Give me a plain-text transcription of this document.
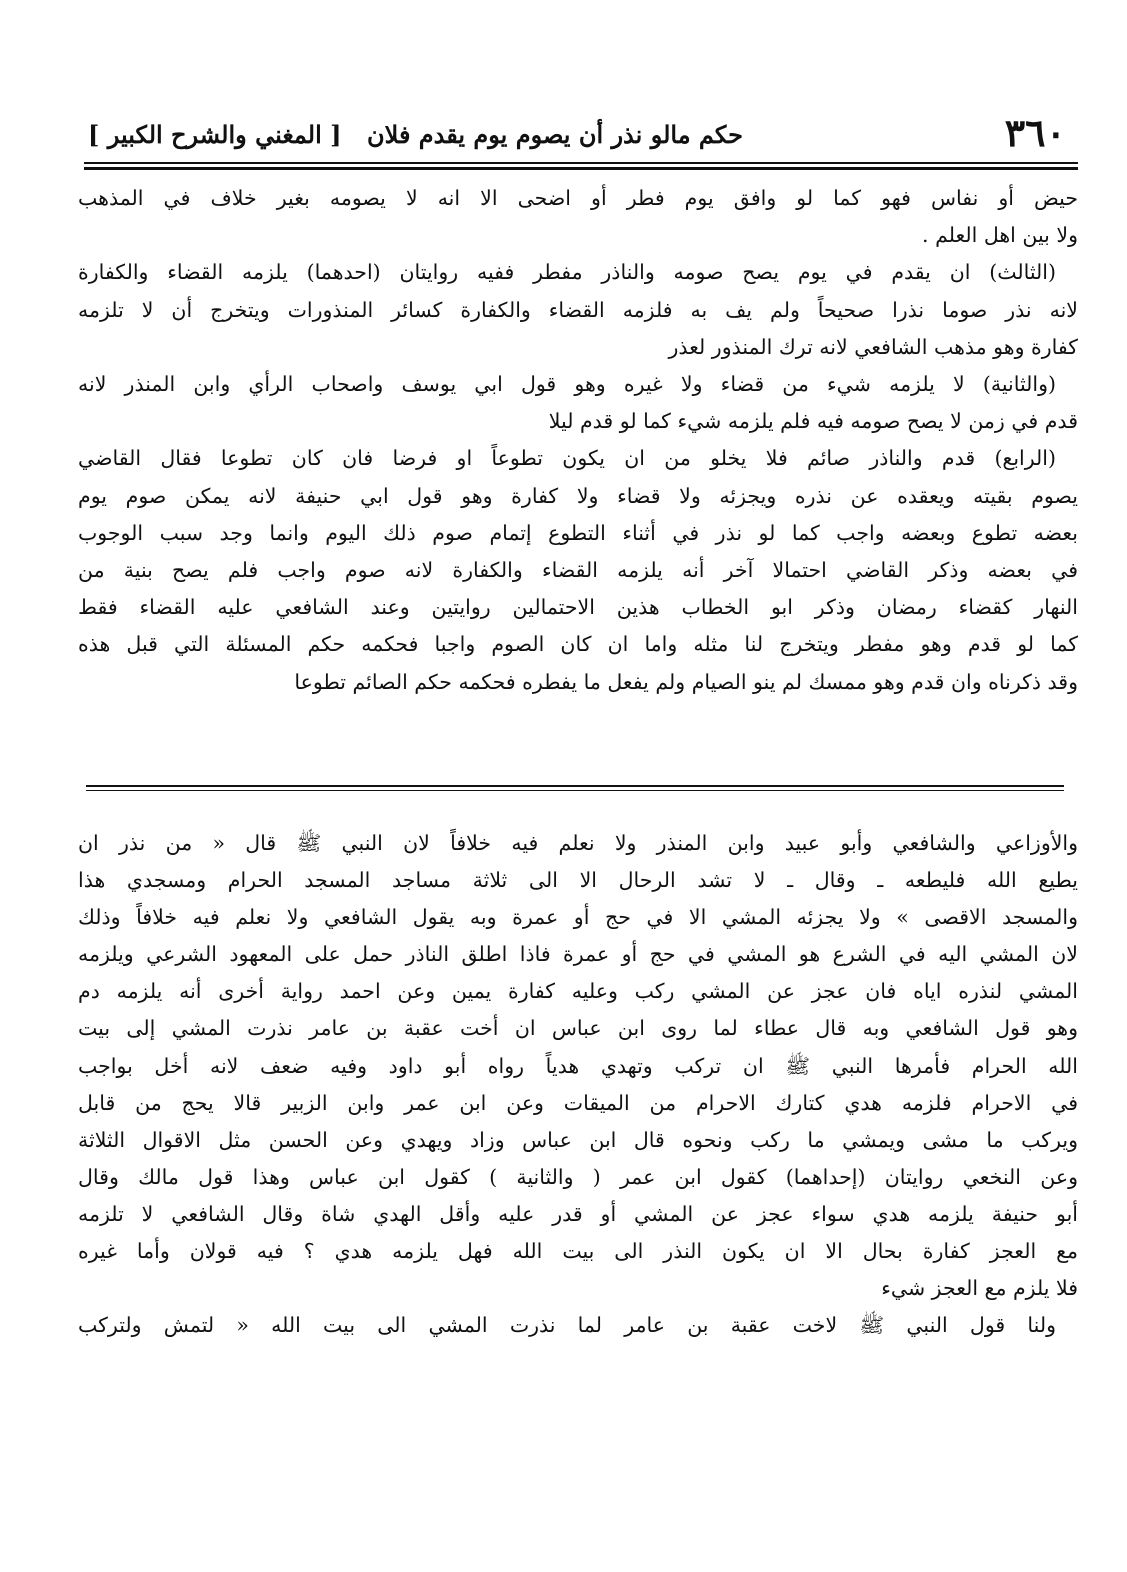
٣٦٠
حكم مالو نذر أن يصوم يوم يقدم فلان
[ المغني والشرح الكبير ]
حيض أو نفاس فهو كما لو وافق يوم فطر أو اضحى الا انه لا يصومه بغير خلاف في المذهب
ولا بين اهل العلم .
(الثالث) ان يقدم في يوم يصح صومه والناذر مفطر ففيه روايتان (احدهما) يلزمه القضاء والكفارة
لانه نذر صوما نذرا صحيحاً ولم يف به فلزمه القضاء والكفارة كسائر المنذورات ويتخرج أن لا تلزمه
كفارة وهو مذهب الشافعي لانه ترك المنذور لعذر
(والثانية) لا يلزمه شيء من قضاء ولا غيره وهو قول ابي يوسف واصحاب الرأي وابن المنذر لانه
قدم في زمن لا يصح صومه فيه فلم يلزمه شيء كما لو قدم ليلا
(الرابع) قدم والناذر صائم فلا يخلو من ان يكون تطوعاً او فرضا فان كان تطوعا فقال القاضي
يصوم بقيته ويعقده عن نذره ويجزئه ولا قضاء ولا كفارة وهو قول ابي حنيفة لانه يمكن صوم يوم
بعضه تطوع وبعضه واجب كما لو نذر في أثناء التطوع إتمام صوم ذلك اليوم وانما وجد سبب الوجوب
في بعضه وذكر القاضي احتمالا آخر أنه يلزمه القضاء والكفارة لانه صوم واجب فلم يصح بنية من
النهار كقضاء رمضان وذكر ابو الخطاب هذين الاحتمالين روايتين وعند الشافعي عليه القضاء فقط
كما لو قدم وهو مفطر ويتخرج لنا مثله واما ان كان الصوم واجبا فحكمه حكم المسئلة التي قبل هذه
وقد ذكرناه وان قدم وهو ممسك لم ينو الصيام ولم يفعل ما يفطره فحكمه حكم الصائم تطوعا
والأوزاعي والشافعي وأبو عبيد وابن المنذر ولا نعلم فيه خلافاً لان النبي ﷺ قال « من نذر ان
يطيع الله فليطعه ـ وقال ـ لا تشد الرحال الا الى ثلاثة مساجد المسجد الحرام ومسجدي هذا
والمسجد الاقصى » ولا يجزئه المشي الا في حج أو عمرة وبه يقول الشافعي ولا نعلم فيه خلافاً وذلك
لان المشي اليه في الشرع هو المشي في حج أو عمرة فاذا اطلق الناذر حمل على المعهود الشرعي ويلزمه
المشي لنذره اياه فان عجز عن المشي ركب وعليه كفارة يمين وعن احمد رواية أخرى أنه يلزمه دم
وهو قول الشافعي وبه قال عطاء لما روى ابن عباس ان أخت عقبة بن عامر نذرت المشي إلى بيت
الله الحرام فأمرها النبي ﷺ ان تركب وتهدي هدياً رواه أبو داود وفيه ضعف لانه أخل بواجب
في الاحرام فلزمه هدي كتارك الاحرام من الميقات وعن ابن عمر وابن الزبير قالا يحج من قابل
ويركب ما مشى ويمشي ما ركب ونحوه قال ابن عباس وزاد ويهدي وعن الحسن مثل الاقوال الثلاثة
وعن النخعي روايتان (إحداهما) كقول ابن عمر ( والثانية ) كقول ابن عباس وهذا قول مالك وقال
أبو حنيفة يلزمه هدي سواء عجز عن المشي أو قدر عليه وأقل الهدي شاة وقال الشافعي لا تلزمه
مع العجز كفارة بحال الا ان يكون النذر الى بيت الله فهل يلزمه هدي ؟ فيه قولان وأما غيره
فلا يلزم مع العجز شيء
ولنا قول النبي ﷺ لاخت عقبة بن عامر لما نذرت المشي الى بيت الله « لتمش ولتركب
